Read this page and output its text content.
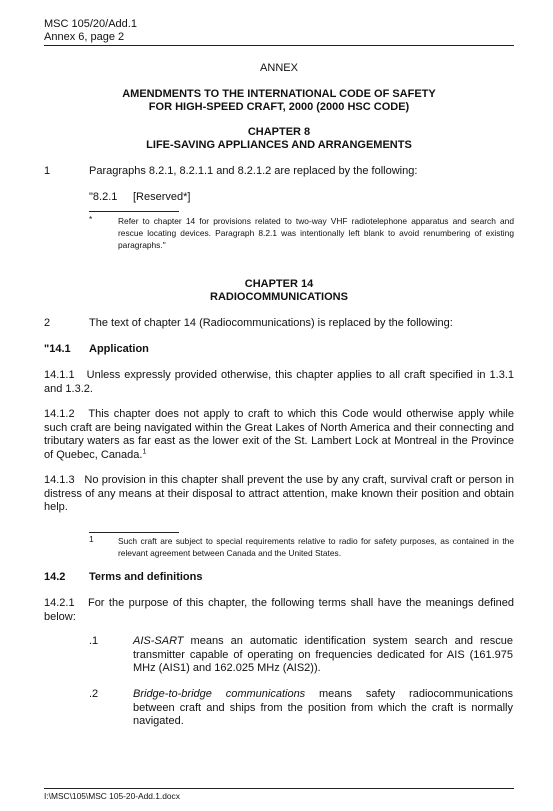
MSC 105/20/Add.1
Annex 6, page 2
ANNEX
AMENDMENTS TO THE INTERNATIONAL CODE OF SAFETY
FOR HIGH-SPEED CRAFT, 2000 (2000 HSC CODE)
CHAPTER 8
LIFE-SAVING APPLIANCES AND ARRANGEMENTS
1	Paragraphs 8.2.1, 8.2.1.1 and 8.2.1.2 are replaced by the following:
"8.2.1 [Reserved*]
*	Refer to chapter 14 for provisions related to two-way VHF radiotelephone apparatus and search and rescue locating devices. Paragraph 8.2.1 was intentionally left blank to avoid renumbering of existing paragraphs."
CHAPTER 14
RADIOCOMMUNICATIONS
2	The text of chapter 14 (Radiocommunications) is replaced by the following:
"14.1 Application
14.1.1 Unless expressly provided otherwise, this chapter applies to all craft specified in 1.3.1 and 1.3.2.
14.1.2 This chapter does not apply to craft to which this Code would otherwise apply while such craft are being navigated within the Great Lakes of North America and their connecting and tributary waters as far east as the lower exit of the St. Lambert Lock at Montreal in the Province of Quebec, Canada.$^1$
14.1.3 No provision in this chapter shall prevent the use by any craft, survival craft or person in distress of any means at their disposal to attract attention, make known their position and obtain help.
1	Such craft are subject to special requirements relative to radio for safety purposes, as contained in the relevant agreement between Canada and the United States.
14.2 Terms and definitions
14.2.1 For the purpose of this chapter, the following terms shall have the meanings defined below:
.1	AIS-SART means an automatic identification system search and rescue transmitter capable of operating on frequencies dedicated for AIS (161.975 MHz (AIS1) and 162.025 MHz (AIS2)).
.2	Bridge-to-bridge communications means safety radiocommunications between craft and ships from the position from which the craft is normally navigated.
I:\MSC\105\MSC 105-20-Add.1.docx
